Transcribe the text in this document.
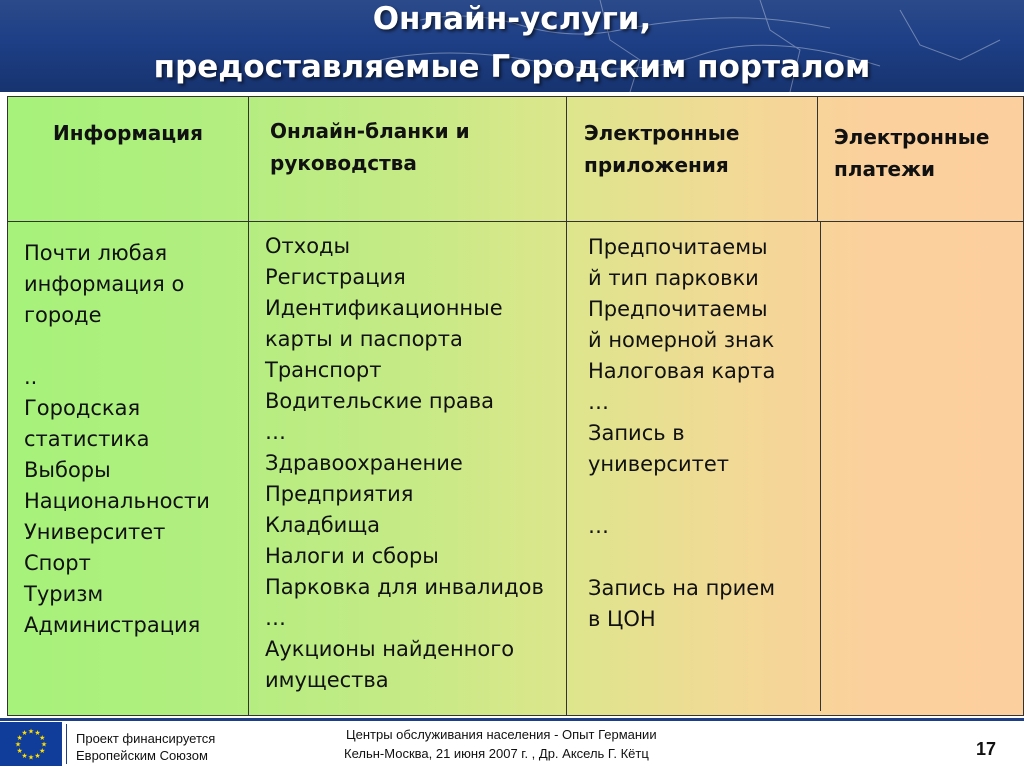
Онлайн-услуги,
предоставляемые Городским порталом
Информация	Онлайн-бланки и
руководства
Электронные
приложения
Электронные
платежи
Почти любая
информация о
городе

..
Городская
статистика
Выборы
Национальности
Университет
Спорт
Туризм
Администрация
Отходы
Регистрация
Идентификационные
карты и паспорта
Транспорт
Водительские права
…
Здравоохранение
Предприятия
Кладбища
Налоги и сборы
Парковка для инвалидов
…
Аукционы найденного
имущества
Предпочитаемы
й тип парковки
Предпочитаемы
й номерной знак
Налоговая карта
…
Запись в
университет

…

Запись на прием
в ЦОН
★
★
★
★
★
★
★
★
★ ★ ★
★ Проект финансируется
Европейским Союзом
Центры обслуживания населения - Опыт Германии
Кельн-Москва, 21 июня 2007 г. , Др. Аксель Г. Кётц	17
